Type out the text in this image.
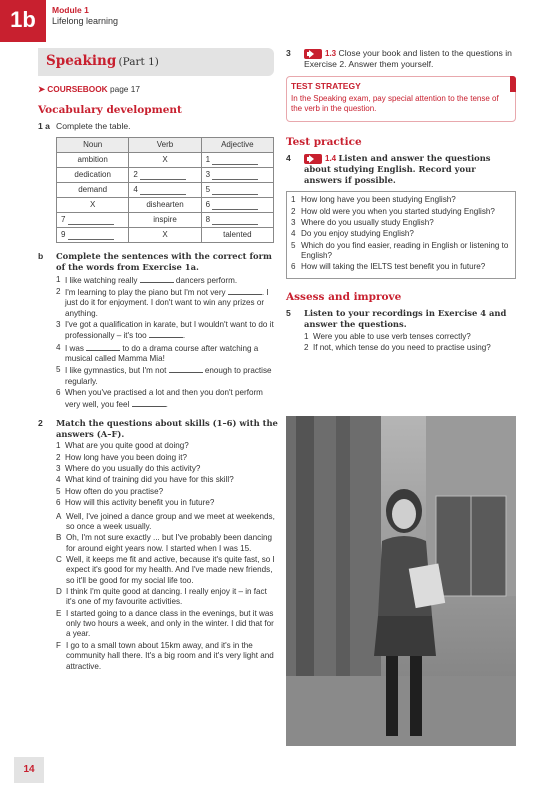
1b	Module 1
Lifelong learning
Speaking (Part 1)
➤ COURSEBOOK page 17
Vocabulary development
1 a Complete the table.
Noun	Verb	Adjective
ambition	X	1
dedication	2	3
demand	4	5
X	dishearten	6
7	inspire	8
9	X	talented
b	Complete the sentences with the correct form of the words from Exercise 1a.
1 I like watching really	dancers perform.
2 I'm learning to play the piano but I'm not very	. I just do it for enjoyment. I don't want to win any prizes or anything.
3 I've got a qualification in karate, but I wouldn't want to do it professionally – it's too	.
4 I was	to do a drama course after watching a musical called Mamma Mia!
5 I like gymnastics, but I'm not	enough to practise regularly.
6 When you've practised a lot and then you don't perform very well, you feel	.
2	Match the questions about skills (1–6) with the answers (A–F).
1 What are you quite good at doing?
2 How long have you been doing it?
3 Where do you usually do this activity?
4 What kind of training did you have for this skill?
5 How often do you practise?
6 How will this activity benefit you in future?
A Well, I've joined a dance group and we meet at weekends, so once a week usually.
B Oh, I'm not sure exactly ... but I've probably been dancing for around eight years now. I started when I was 15.
C Well, it keeps me fit and active, because it's quite fast, so I expect it's good for my health. And I've made new friends, so it'll be good for my social life too.
D I think I'm quite good at dancing. I really enjoy it – in fact it's one of my favourite activities.
E I started going to a dance class in the evenings, but it was only two hours a week, and only in the winter. I did that for a year.
F I go to a small town about 15km away, and it's in the community hall there. It's a big room and it's very light and attractive.
3	1.3 Close your book and listen to the questions in Exercise 2. Answer them yourself.
TEST STRATEGY
In the Speaking exam, pay special attention to the tense of the verb in the question.
Test practice
4	1.4 Listen and answer the questions about studying English. Record your answers if possible.
1 How long have you been studying English?
2 How old were you when you started studying English?
3 Where do you usually study English?
4 Do you enjoy studying English?
5 Which do you find easier, reading in English or listening to English?
6 How will taking the IELTS test benefit you in future?
Assess and improve
5	Listen to your recordings in Exercise 4 and answer the questions.
1 Were you able to use verb tenses correctly?
2 If not, which tense do you need to practise using?
14
